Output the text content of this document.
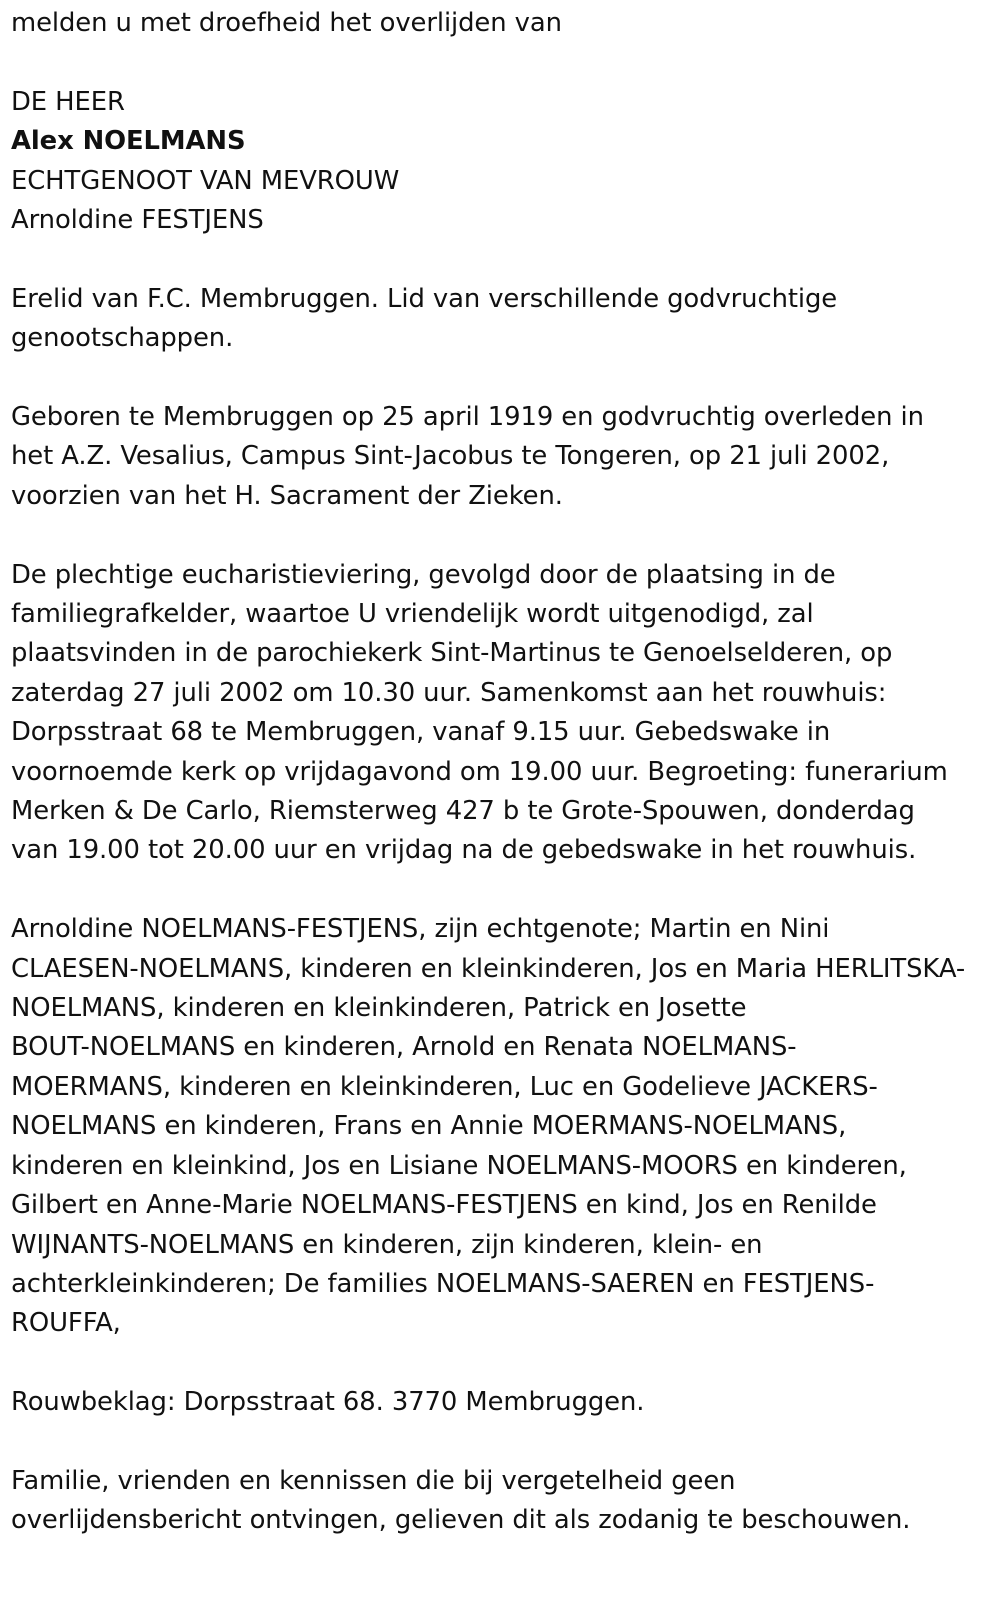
melden u met droefheid het overlijden van
DE HEER
Alex NOELMANS
ECHTGENOOT VAN MEVROUW
Arnoldine FESTJENS
Erelid van F.C. Membruggen. Lid van verschillende godvruchtige
genootschappen.
Geboren te Membruggen op 25 april 1919 en godvruchtig overleden in
het A.Z. Vesalius, Campus Sint-Jacobus te Tongeren, op 21 juli 2002,
voorzien van het H. Sacrament der Zieken.
De plechtige eucharistieviering, gevolgd door de plaatsing in de
familiegrafkelder, waartoe U vriendelijk wordt uitgenodigd, zal
plaatsvinden in de parochiekerk Sint-Martinus te Genoelselderen, op
zaterdag 27 juli 2002 om 10.30 uur. Samenkomst aan het rouwhuis:
Dorpsstraat 68 te Membruggen, vanaf 9.15 uur. Gebedswake in
voornoemde kerk op vrijdagavond om 19.00 uur. Begroeting: funerarium
Merken & De Carlo, Riemsterweg 427 b te Grote-Spouwen, donderdag
van 19.00 tot 20.00 uur en vrijdag na de gebedswake in het rouwhuis.
Arnoldine NOELMANS-FESTJENS, zijn echtgenote; Martin en Nini
CLAESEN-NOELMANS, kinderen en kleinkinderen, Jos en Maria HERLITSKA-
NOELMANS, kinderen en kleinkinderen, Patrick en Josette
BOUT-NOELMANS en kinderen, Arnold en Renata NOELMANS-
MOERMANS, kinderen en kleinkinderen, Luc en Godelieve JACKERS-
NOELMANS en kinderen, Frans en Annie MOERMANS-NOELMANS,
kinderen en kleinkind, Jos en Lisiane NOELMANS-MOORS en kinderen,
Gilbert en Anne-Marie NOELMANS-FESTJENS en kind, Jos en Renilde
WIJNANTS-NOELMANS en kinderen, zijn kinderen, klein- en
achterkleinkinderen; De families NOELMANS-SAEREN en FESTJENS-
ROUFFA,
Rouwbeklag: Dorpsstraat 68. 3770 Membruggen.
Familie, vrienden en kennissen die bij vergetelheid geen
overlijdensbericht ontvingen, gelieven dit als zodanig te beschouwen.
